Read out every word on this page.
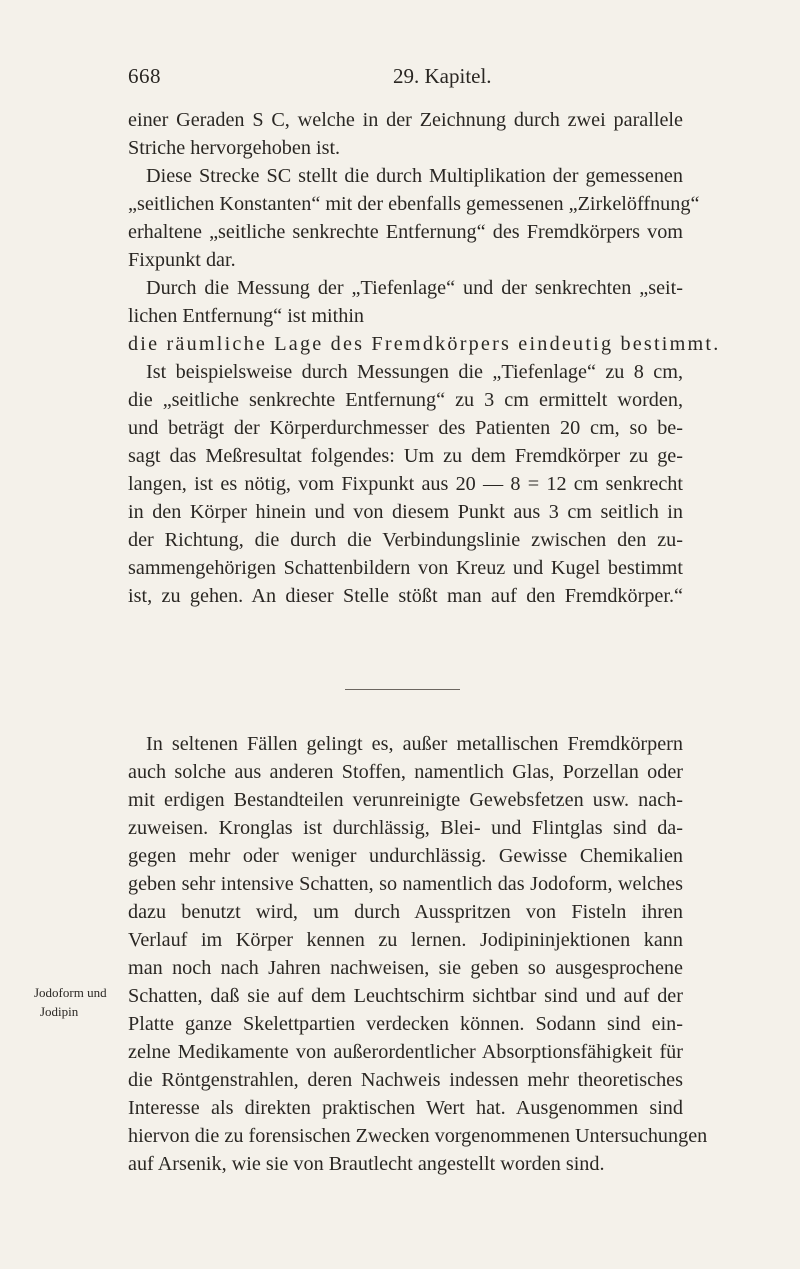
668	29. Kapitel.
einer Geraden S C, welche in der Zeichnung durch zwei parallele
Striche hervorgehoben ist.
Diese Strecke SC stellt die durch Multiplikation der gemessenen
„seitlichen Konstanten“ mit der ebenfalls gemessenen „Zirkelöffnung“
erhaltene „seitliche senkrechte Entfernung“ des Fremdkörpers vom
Fixpunkt dar.
Durch die Messung der „Tiefenlage“ und der senkrechten „seit-
lichen Entfernung“ ist mithin
die räumliche Lage des Fremdkörpers eindeutig bestimmt.
Ist beispielsweise durch Messungen die „Tiefenlage“ zu 8 cm,
die „seitliche senkrechte Entfernung“ zu 3 cm ermittelt worden,
und beträgt der Körperdurchmesser des Patienten 20 cm, so be-
sagt das Meßresultat folgendes: Um zu dem Fremdkörper zu ge-
langen, ist es nötig, vom Fixpunkt aus 20 — 8 = 12 cm senkrecht
in den Körper hinein und von diesem Punkt aus 3 cm seitlich in
der Richtung, die durch die Verbindungslinie zwischen den zu-
sammengehörigen Schattenbildern von Kreuz und Kugel bestimmt
ist, zu gehen. An dieser Stelle stößt man auf den Fremdkörper.“
In seltenen Fällen gelingt es, außer metallischen Fremdkörpern
auch solche aus anderen Stoffen, namentlich Glas, Porzellan oder
mit erdigen Bestandteilen verunreinigte Gewebsfetzen usw. nach-
zuweisen. Kronglas ist durchlässig, Blei- und Flintglas sind da-
gegen mehr oder weniger undurchlässig. Gewisse Chemikalien
geben sehr intensive Schatten, so namentlich das Jodoform, welches
dazu benutzt wird, um durch Ausspritzen von Fisteln ihren
Verlauf im Körper kennen zu lernen. Jodipininjektionen kann
man noch nach Jahren nachweisen, sie geben so ausgesprochene
Schatten, daß sie auf dem Leuchtschirm sichtbar sind und auf der
Platte ganze Skelettpartien verdecken können. Sodann sind ein-
zelne Medikamente von außerordentlicher Absorptionsfähigkeit für
die Röntgenstrahlen, deren Nachweis indessen mehr theoretisches
Interesse als direkten praktischen Wert hat. Ausgenommen sind
hiervon die zu forensischen Zwecken vorgenommenen Untersuchungen
auf Arsenik, wie sie von Brautlecht angestellt worden sind.
Jodoform und
Jodipin
